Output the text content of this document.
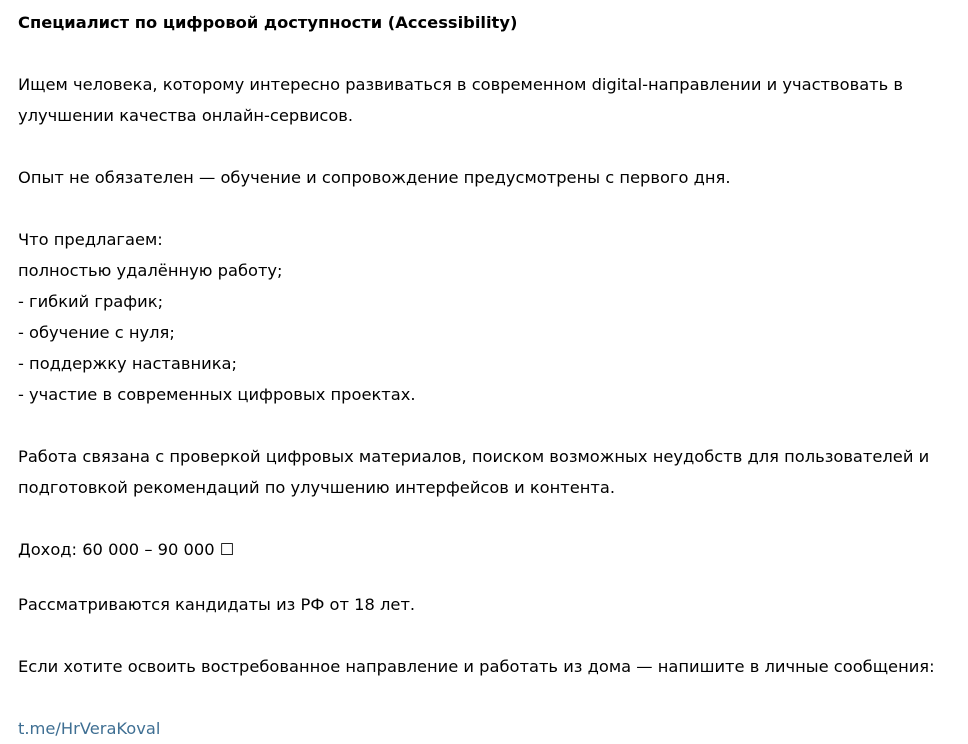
Специалист по цифровой доступности (Accessibility)
Ищем человека, которому интересно развиваться в современном digital-направлении и участвовать в
улучшении качества онлайн-сервисов.
Опыт не обязателен — обучение и сопровождение предусмотрены с первого дня.
Что предлагаем:
полностью удалённую работу;
- гибкий график;
- обучение с нуля;
- поддержку наставника;
- участие в современных цифровых проектах.
Работа связана с проверкой цифровых материалов, поиском возможных неудобств для пользователей и
подготовкой рекомендаций по улучшению интерфейсов и контента.
Доход: 60 000 – 90 000 ☐
Рассматриваются кандидаты из РФ от 18 лет.
Если хотите освоить востребованное направление и работать из дома — напишите в личные сообщения:
t.me/HrVeraKoval
